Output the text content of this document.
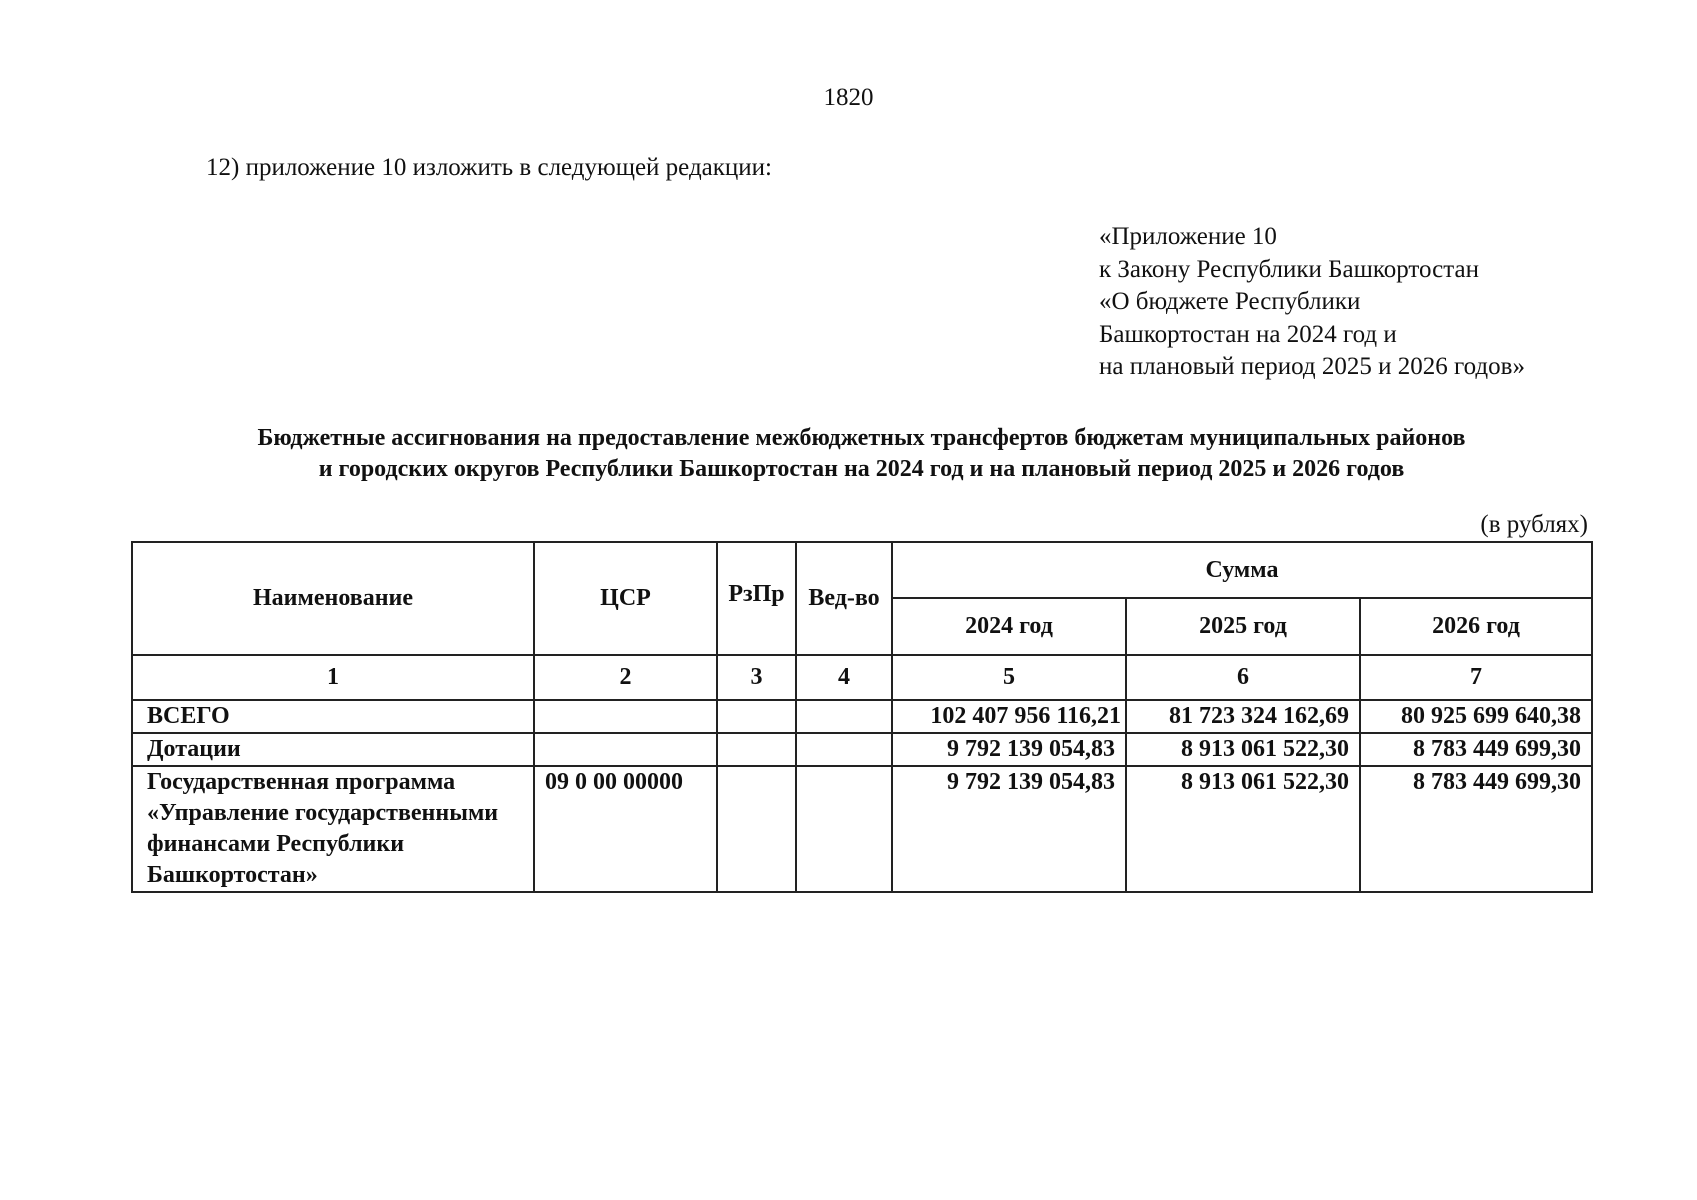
1820
12) приложение 10 изложить в следующей редакции:
«Приложение 10
к Закону Республики Башкортостан
«О бюджете Республики
Башкортостан на 2024 год и
на плановый период 2025 и 2026 годов»
Бюджетные ассигнования на предоставление межбюджетных трансфертов бюджетам муниципальных районов
и городских округов Республики Башкортостан на 2024 год и на плановый период 2025 и 2026 годов
(в рублях)
Наименование	ЦСР	РзПр	Вед-во	Сумма		
				2024 год	2025 год	2026 год
1	2	3	4	5	6	7
ВСЕГО				102 407 956 116,21	81 723 324 162,69	80 925 699 640,38
Дотации				9 792 139 054,83	8 913 061 522,30	8 783 449 699,30
Государственная программа «Управление государственными финансами Республики Башкортостан»	09 0 00 00000			9 792 139 054,83	8 913 061 522,30	8 783 449 699,30
